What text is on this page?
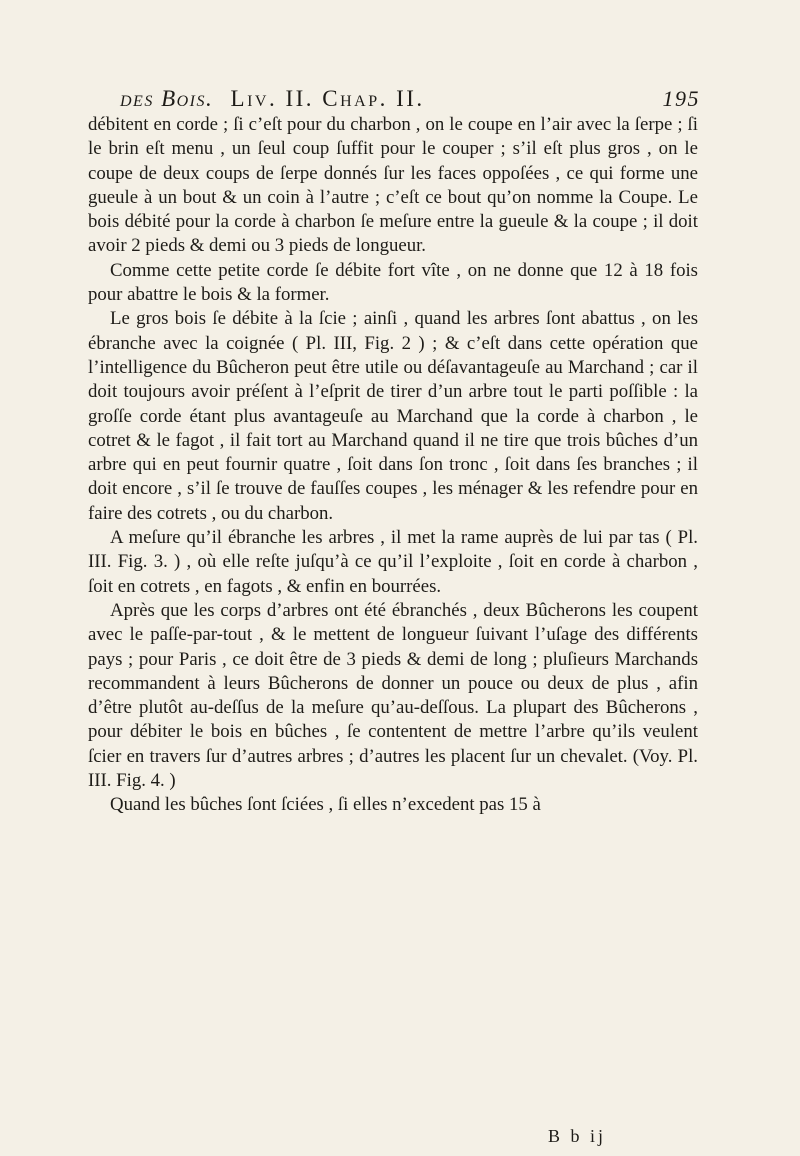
des Bois. Liv. II. Chap. II.	195

débitent en corde ; ſi c’eſt pour du charbon , on le coupe en l’air avec la ſerpe ; ſi le brin eſt menu , un ſeul coup ſuffit pour le couper ; s’il eſt plus gros , on le coupe de deux coups de ſerpe donnés ſur les faces oppoſées , ce qui forme une gueule à un bout & un coin à l’autre ; c’eſt ce bout qu’on nomme la Coupe. Le bois débité pour la corde à charbon ſe meſure entre la gueule & la coupe ; il doit avoir 2 pieds & demi ou 3 pieds de longueur.

Comme cette petite corde ſe débite fort vîte , on ne donne que 12 à 18 fois pour abattre le bois & la former.

Le gros bois ſe débite à la ſcie ; ainſi , quand les arbres ſont abattus , on les ébranche avec la coignée ( Pl. III, Fig. 2 ) ; & c’eſt dans cette opération que l’intelligence du Bûcheron peut être utile ou déſavantageuſe au Marchand ; car il doit toujours avoir préſent à l’eſprit de tirer d’un arbre tout le parti poſſible : la groſſe corde étant plus avantageuſe au Marchand que la corde à charbon , le cotret & le fagot , il fait tort au Marchand quand il ne tire que trois bûches d’un arbre qui en peut fournir quatre , ſoit dans ſon tronc , ſoit dans ſes branches ; il doit encore , s’il ſe trouve de fauſſes coupes , les ménager & les refendre pour en faire des cotrets , ou du charbon.

A meſure qu’il ébranche les arbres , il met la rame auprès de lui par tas ( Pl. III. Fig. 3. ) , où elle reſte juſqu’à ce qu’il l’exploite , ſoit en corde à charbon , ſoit en cotrets , en fagots , & enfin en bourrées.

Après que les corps d’arbres ont été ébranchés , deux Bûcherons les coupent avec le paſſe-par-tout , & le mettent de longueur ſuivant l’uſage des différents pays ; pour Paris , ce doit être de 3 pieds & demi de long ; pluſieurs Marchands recommandent à leurs Bûcherons de donner un pouce ou deux de plus , afin d’être plutôt au-deſſus de la meſure qu’au-deſſous. La plupart des Bûcherons , pour débiter le bois en bûches , ſe contentent de mettre l’arbre qu’ils veulent ſcier en travers ſur d’autres arbres ; d’autres les placent ſur un chevalet. (Voy. Pl. III. Fig. 4. )

Quand les bûches ſont ſciées , ſi elles n’excedent pas 15 à

B b ij
